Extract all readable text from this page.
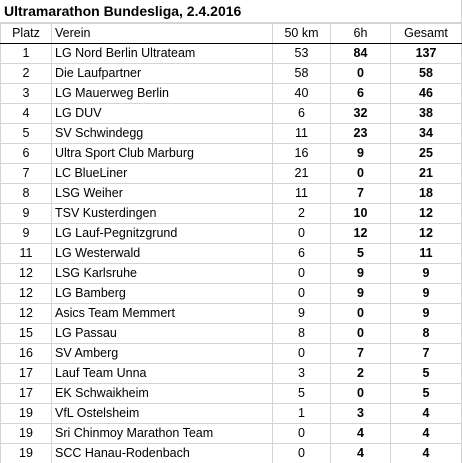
Ultramarathon Bundesliga, 2.4.2016
Platz	Verein	50 km	6h	Gesamt
1	LG Nord Berlin Ultrateam	53	84	137
2	Die Laufpartner	58	0	58
3	LG Mauerweg Berlin	40	6	46
4	LG DUV	6	32	38
5	SV Schwindegg	11	23	34
6	Ultra Sport Club Marburg	16	9	25
7	LC BlueLiner	21	0	21
8	LSG Weiher	11	7	18
9	TSV Kusterdingen	2	10	12
9	LG Lauf-Pegnitzgrund	0	12	12
11	LG Westerwald	6	5	11
12	LSG Karlsruhe	0	9	9
12	LG Bamberg	0	9	9
12	Asics Team Memmert	9	0	9
15	LG Passau	8	0	8
16	SV Amberg	0	7	7
17	Lauf Team Unna	3	2	5
17	EK Schwaikheim	5	0	5
19	VfL Ostelsheim	1	3	4
19	Sri Chinmoy Marathon Team	0	4	4
19	SCC Hanau-Rodenbach	0	4	4
